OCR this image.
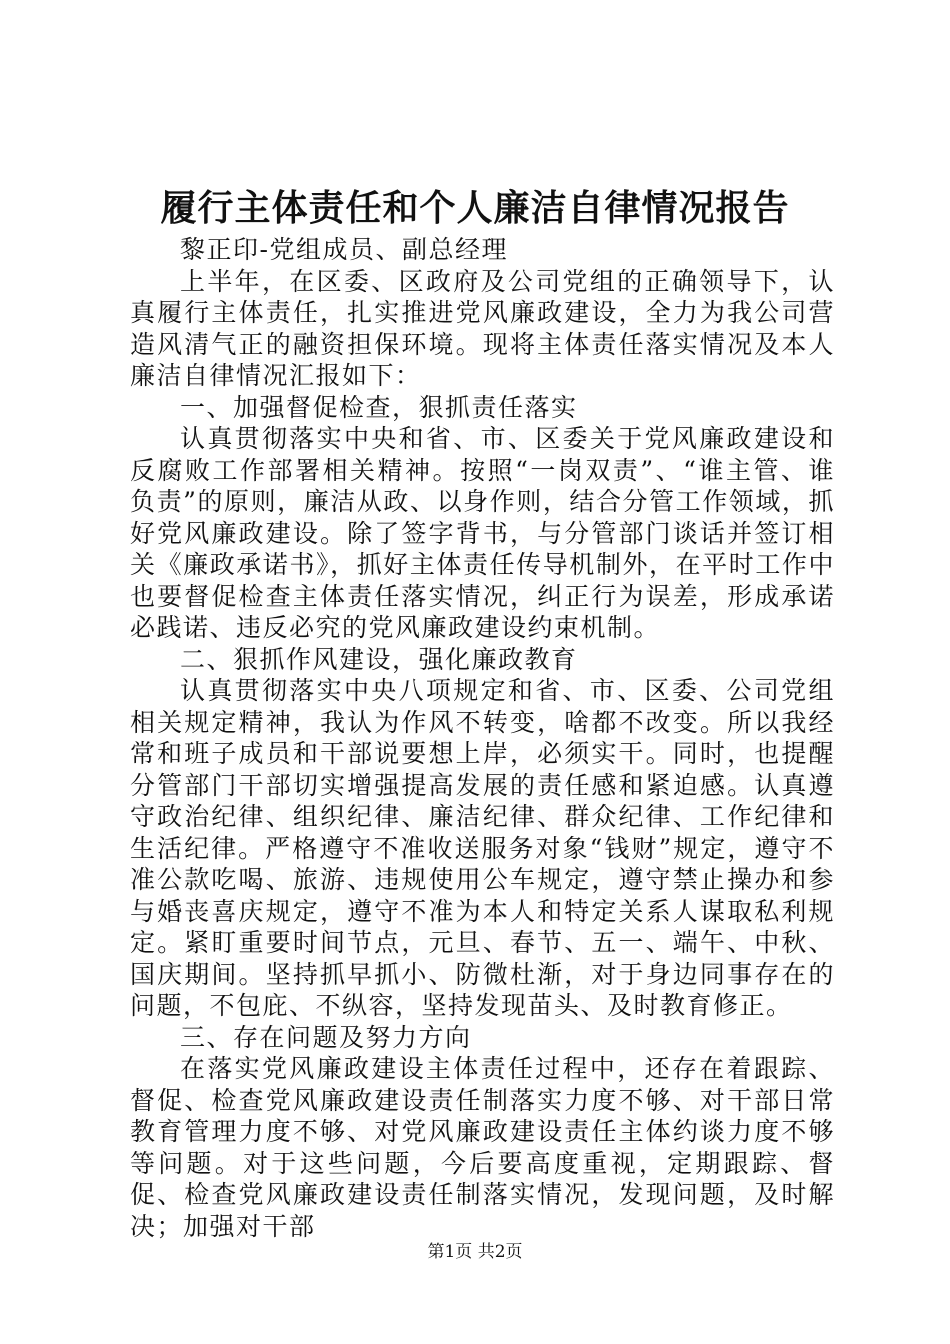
履行主体责任和个人廉洁自律情况报告

黎正印-党组成员、副总经理

上半年，在区委、区政府及公司党组的正确领导下，认真履行主体责任，扎实推进党风廉政建设，全力为我公司营造风清气正的融资担保环境。现将主体责任落实情况及本人廉洁自律情况汇报如下：

一、加强督促检查，狠抓责任落实

认真贯彻落实中央和省、市、区委关于党风廉政建设和反腐败工作部署相关精神。按照“一岗双责”、“谁主管、谁负责”的原则，廉洁从政、以身作则，结合分管工作领域，抓好党风廉政建设。除了签字背书，与分管部门谈话并签订相关《廉政承诺书》，抓好主体责任传导机制外，在平时工作中也要督促检查主体责任落实情况，纠正行为误差，形成承诺必践诺、违反必究的党风廉政建设约束机制。

二、狠抓作风建设，强化廉政教育

认真贯彻落实中央八项规定和省、市、区委、公司党组相关规定精神，我认为作风不转变，啥都不改变。所以我经常和班子成员和干部说要想上岸，必须实干。同时，也提醒分管部门干部切实增强提高发展的责任感和紧迫感。认真遵守政治纪律、组织纪律、廉洁纪律、群众纪律、工作纪律和生活纪律。严格遵守不准收送服务对象“钱财”规定，遵守不准公款吃喝、旅游、违规使用公车规定，遵守禁止操办和参与婚丧喜庆规定，遵守不准为本人和特定关系人谋取私利规定。紧盯重要时间节点，元旦、春节、五一、端午、中秋、国庆期间。坚持抓早抓小、防微杜渐，对于身边同事存在的问题，不包庇、不纵容，坚持发现苗头、及时教育修正。

三、存在问题及努力方向

在落实党风廉政建设主体责任过程中，还存在着跟踪、督促、检查党风廉政建设责任制落实力度不够、对干部日常教育管理力度不够、对党风廉政建设责任主体约谈力度不够等问题。对于这些问题，今后要高度重视，定期跟踪、督促、检查党风廉政建设责任制落实情况，发现问题，及时解决；加强对干部

第1页 共2页
